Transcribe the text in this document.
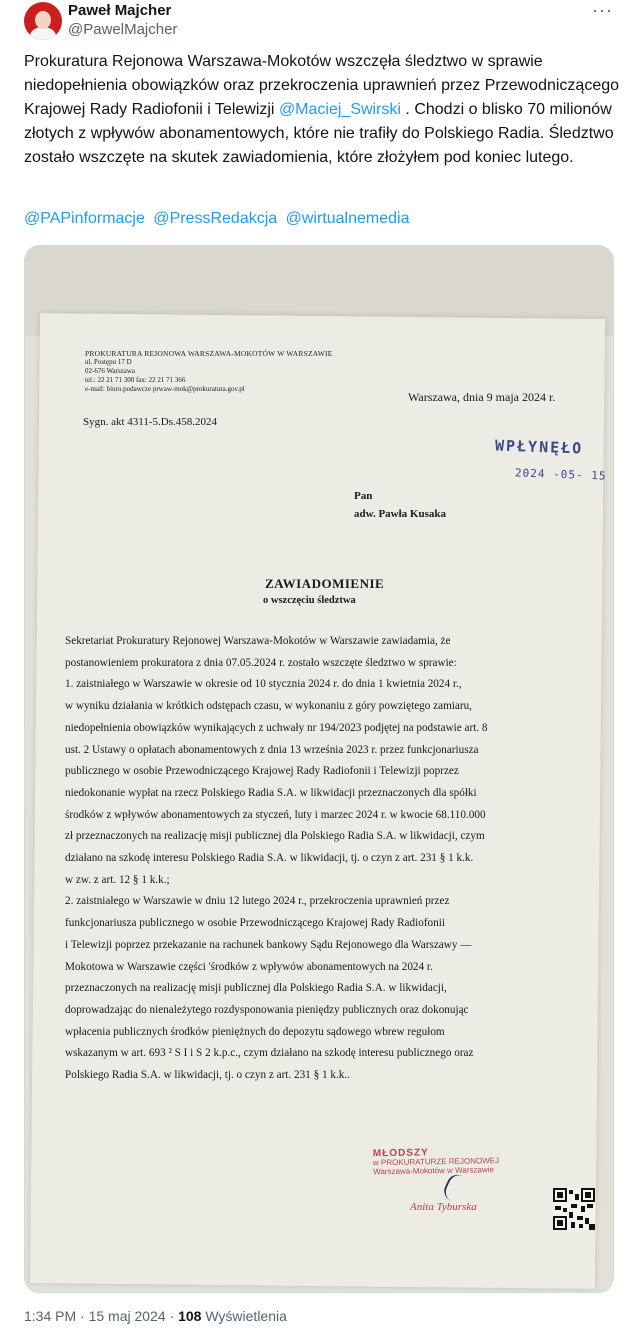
Paweł Majcher
@PawelMajcher
···

Prokuratura Rejonowa Warszawa-Mokotów wszczęła śledztwo w sprawie niedopełnienia obowiązków oraz przekroczenia uprawnień przez Przewodniczącego Krajowej Rady Radiofonii i Telewizji @Maciej_Swirski . Chodzi o blisko 70 milionów złotych z wpływów abonamentowych, które nie trafiły do Polskiego Radia. Śledztwo zostało wszczęte na skutek zawiadomienia, które złożyłem pod koniec lutego.

@PAPinformacje @PressRedakcja @wirtualnemedia
PROKURATURA REJONOWA WARSZAWA-MOKOTÓW W WARSZAWIE
ul. Postępu 17 D
02-676 Warszawa
tel.: 22 21 71 300 fax: 22 21 71 366
e-mail: biuro.podawcze prwaw-mok@prokuratura.gov.pl
Warszawa, dnia 9 maja 2024 r.
Sygn. akt 4311-5.Ds.458.2024
WPŁYNĘŁO
2024 -05- 15
Pan
adw. Pawła Kusaka
ZAWIADOMIENIE
o wszczęciu śledztwa
Sekretariat Prokuratury Rejonowej Warszawa-Mokotów w Warszawie zawiadamia, że
postanowieniem prokuratora z dnia 07.05.2024 r. zostało wszczęte śledztwo w sprawie:
1. zaistniałego w Warszawie w okresie od 10 stycznia 2024 r. do dnia 1 kwietnia 2024 r.,
w wyniku działania w krótkich odstępach czasu, w wykonaniu z góry powziętego zamiaru,
niedopełnienia obowiązków wynikających z uchwały nr 194/2023 podjętej na podstawie art. 8
ust. 2 Ustawy o opłatach abonamentowych z dnia 13 września 2023 r. przez funkcjonariusza
publicznego w osobie Przewodniczącego Krajowej Rady Radiofonii i Telewizji poprzez
niedokonanie wypłat na rzecz Polskiego Radia S.A. w likwidacji przeznaczonych dla spółki
środków z wpływów abonamentowych za styczeń, luty i marzec 2024 r. w kwocie 68.110.000
zł przeznaczonych na realizację misji publicznej dla Polskiego Radia S.A. w likwidacji, czym
działano na szkodę interesu Polskiego Radia S.A. w likwidacji, tj. o czyn z art. 231 § 1 k.k.
w zw. z art. 12 § 1 k.k.;
2. zaistniałego w Warszawie w dniu 12 lutego 2024 r., przekroczenia uprawnień przez
funkcjonariusza publicznego w osobie Przewodniczącego Krajowej Rady Radiofonii
i Telewizji poprzez przekazanie na rachunek bankowy Sądu Rejonowego dla Warszawy —
Mokotowa w Warszawie części 'środków z wpływów abonamentowych na 2024 r.
przeznaczonych na realizację misji publicznej dla Polskiego Radia S.A. w likwidacji,
doprowadzając do nienależytego rozdysponowania pieniędzy publicznych oraz dokonując
wpłacenia publicznych środków pieniężnych do depozytu sądowego wbrew regułom
wskazanym w art. 693 ² S I i S 2 k.p.c., czym działano na szkodę interesu publicznego oraz
Polskiego Radia S.A. w likwidacji, tj. o czyn z art. 231 § 1 k.k..
MŁODSZY
w PROKURATURZE REJONOWEJ
Warszawa-Mokotów w Warszawie
Anita Tyburska
1:34 PM · 15 maj 2024 · 108 Wyświetlenia
